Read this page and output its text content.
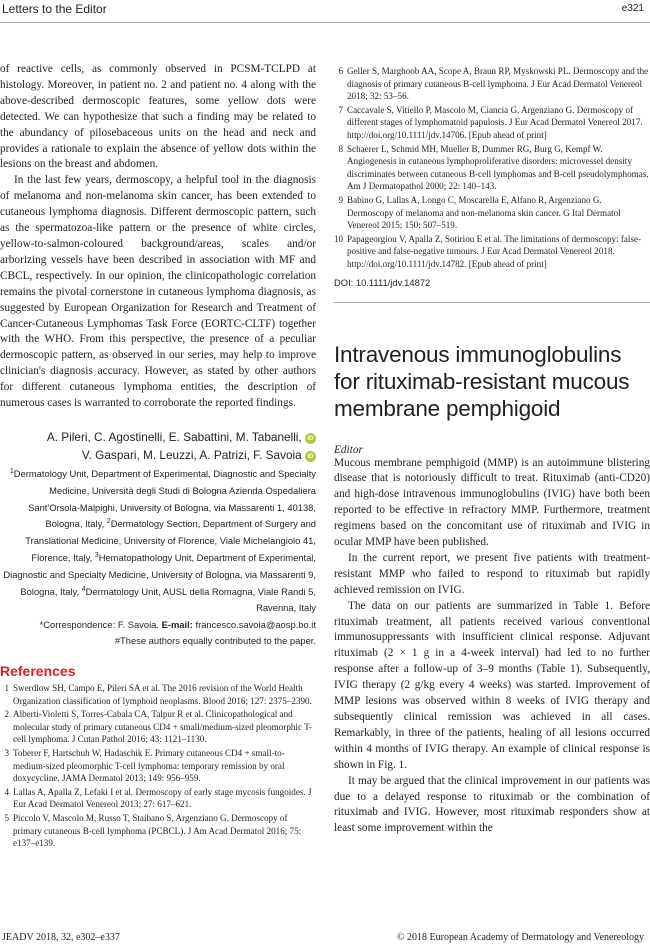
Letters to the Editor	e321

of reactive cells, as commonly observed in PCSM-TCLPD at histology. Moreover, in patient no. 2 and patient no. 4 along with the above-described dermoscopic features, some yellow dots were detected. We can hypothesize that such a finding may be related to the abundancy of pilosebaceous units on the head and neck and provides a rationale to explain the absence of yellow dots within the lesions on the breast and abdomen.

In the last few years, dermoscopy, a helpful tool in the diagnosis of melanoma and non-melanoma skin cancer, has been extended to cutaneous lymphoma diagnosis. Different dermoscopic pattern, such as the spermatozoa-like pattern or the presence of white circles, yellow-to-salmon-coloured background/areas, scales and/or arborizing vessels have been described in association with MF and CBCL, respectively. In our opinion, the clinicopathologic correlation remains the pivotal cornerstone in cutaneous lymphoma diagnosis, as suggested by European Organization for Research and Treatment of Cancer-Cutaneous Lymphomas Task Force (EORTC-CLTF) together with the WHO. From this perspective, the presence of a peculiar dermoscopic pattern, as observed in our series, may help to improve clinician's diagnosis accuracy. However, as stated by other authors for different cutaneous lymphoma entities, the description of numerous cases is warranted to corroborate the reported findings.

A. Pileri, C. Agostinelli, E. Sabattini, M. Tabanelli, iD
V. Gaspari, M. Leuzzi, A. Patrizi, F. Savoia iD
$^1$Dermatology Unit, Department of Experimental, Diagnostic and Specialty Medicine, Università degli Studi di Bologna Azienda Ospedaliera Sant'Orsola-Malpighi, University of Bologna, via Massarenti 1, 40138, Bologna, Italy, $^2$Dermatology Section, Department of Surgery and Translational Medicine, University of Florence, Viale Michelangiolo 41, Florence, Italy, $^3$Hematopathology Unit, Department of Experimental, Diagnostic and Specialty Medicine, University of Bologna, via Massarenti 9, Bologna, Italy, $^4$Dermatology Unit, AUSL della Romagna, Viale Randi 5, Ravenna, Italy
*Correspondence: F. Savoia. E-mail: francesco.savoia@aosp.bo.it
#These authors equally contributed to the paper.
References
1 Swerdlow SH, Campo E, Pileri SA et al. The 2016 revision of the World Health Organization classification of lymphoid neoplasms. Blood 2016; 127: 2375–2390.
2 Alberti-Violetti S, Torres-Cabala CA, Talpur R et al. Clinicopathological and molecular study of primary cutaneous CD4 + small/medium-sized pleomorphic T-cell lymphoma. J Cutan Pathol 2016; 43: 1121–1130.
3 Toberer F, Hartschuh W, Hadaschik E. Primary cutaneous CD4 + small-to-medium-sized pleomorphic T-cell lymphoma: temporary remission by oral doxycycline. JAMA Dermatol 2013; 149: 956–959.
4 Lallas A, Apalla Z, Lefaki I et al. Dermoscopy of early stage mycosis fungoides. J Eur Acad Dermatol Venereol 2013; 27: 617–621.
5 Piccolo V, Mascolo M, Russo T, Staibano S, Argenziano G. Dermoscopy of primary cutaneous B-cell lymphoma (PCBCL). J Am Acad Dermatol 2016; 75: e137–e139.
6 Geller S, Marghoob AA, Scope A, Braun RP, Myskowski PL. Dermoscopy and the diagnosis of primary cutaneous B-cell lymphoma. J Eur Acad Dermatol Venereol 2018; 32: 53–56.
7 Caccavale S, Vitiello P, Mascolo M, Ciancia G, Argenziano G. Dermoscopy of different stages of lymphomatoid papulosis. J Eur Acad Dermatol Venereol 2017. http://doi.org/10.1111/jdv.14706. [Epub ahead of print]
8 Schaerer L, Schmid MH, Mueller B, Dummer RG, Burg G, Kempf W. Angiogenesis in cutaneous lymphoproliferative disorders: microvessel density discriminates between cutaneous B-cell lymphomas and B-cell pseudolymphomas. Am J Dermatopathol 2000; 22: 140–143.
9 Babino G, Lallas A, Longo C, Moscarella E, Alfano R, Argenziano G. Dermoscopy of melanoma and non-melanoma skin cancer. G Ital Dermatol Venereol 2015; 150: 507–519.
10 Papageorgiou V, Apalla Z, Sotiriou E et al. The limitations of dermoscopy: false-positive and false-negative tumours. J Eur Acad Dermatol Venereol 2018. http://doi.org/10.1111/jdv.14782. [Epub ahead of print]
DOI: 10.1111/jdv.14872
Intravenous immunoglobulins for rituximab-resistant mucous membrane pemphigoid
Editor

Mucous membrane pemphigoid (MMP) is an autoimmune blistering disease that is notoriously difficult to treat. Rituximab (anti-CD20) and high-dose intravenous immunoglobulins (IVIG) have both been reported to be effective in refractory MMP. Furthermore, treatment regimens based on the concomitant use of rituximab and IVIG in ocular MMP have been published.

In the current report, we present five patients with treatment-resistant MMP who failed to respond to rituximab but rapidly achieved remission on IVIG.

The data on our patients are summarized in Table 1. Before rituximab treatment, all patients received various conventional immunosuppressants with insufficient clinical response. Adjuvant rituximab (2 × 1 g in a 4-week interval) had led to no further response after a follow-up of 3–9 months (Table 1). Subsequently, IVIG therapy (2 g/kg every 4 weeks) was started. Improvement of MMP lesions was observed within 8 weeks of IVIG therapy and subsequently clinical remission was achieved in all cases. Remarkably, in three of the patients, healing of all lesions occurred within 4 months of IVIG therapy. An example of clinical response is shown in Fig. 1.

It may be argued that the clinical improvement in our patients was due to a delayed response to rituximab or the combination of rituximab and IVIG. However, most rituximab responders show at least some improvement within the

JEADV 2018, 32, e302–e337	© 2018 European Academy of Dermatology and Venereology
